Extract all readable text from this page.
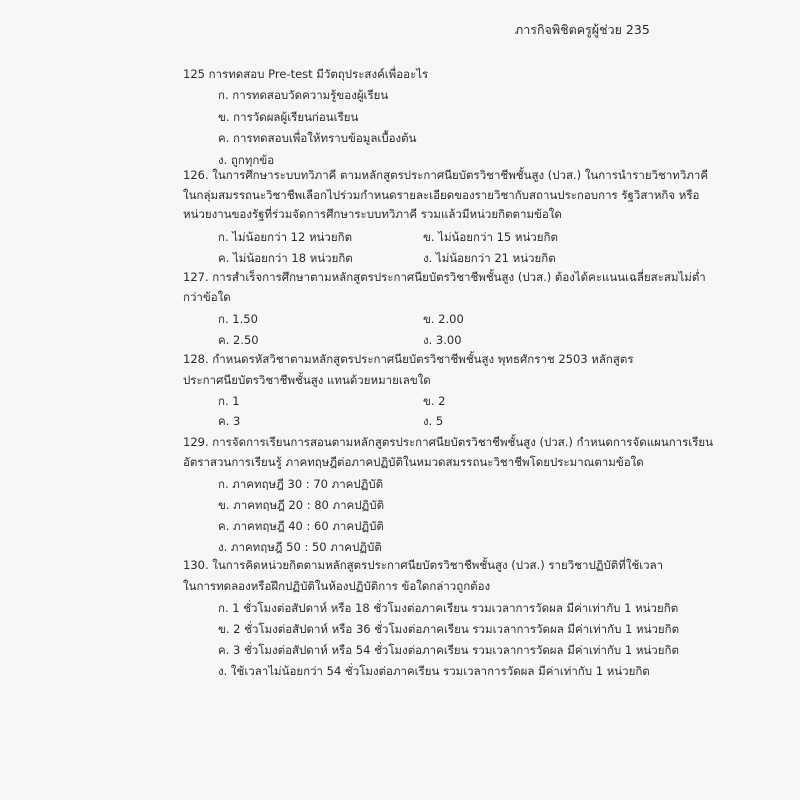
ภารกิจพิชิตครูผู้ช่วย 235
125 การทดสอบ Pre-test มีวัตถุประสงค์เพื่ออะไร
ก. การทดสอบวัดความรู้ของผู้เรียน
ข. การวัดผลผู้เรียนก่อนเรียน
ค. การทดสอบเพื่อให้ทราบข้อมูลเบื้องต้น
ง. ถูกทุกข้อ
126. ในการศึกษาระบบทวิภาคี ตามหลักสูตรประกาศนียบัตรวิชาชีพชั้นสูง (ปวส.) ในการนำรายวิชาทวิภาคี
ในกลุ่มสมรรถนะวิชาชีพเลือกไปร่วมกำหนดรายละเอียดของรายวิชากับสถานประกอบการ รัฐวิสาหกิจ หรือ
หน่วยงานของรัฐที่ร่วมจัดการศึกษาระบบทวิภาคี รวมแล้วมีหน่วยกิตตามข้อใด
ก. ไม่น้อยกว่า 12 หน่วยกิต	ข. ไม่น้อยกว่า 15 หน่วยกิต
ค. ไม่น้อยกว่า 18 หน่วยกิต	ง. ไม่น้อยกว่า 21 หน่วยกิต
127. การสำเร็จการศึกษาตามหลักสูตรประกาศนียบัตรวิชาชีพชั้นสูง (ปวส.) ต้องได้คะแนนเฉลี่ยสะสมไม่ต่ำ
กว่าข้อใด
ก. 1.50	ข. 2.00
ค. 2.50	ง. 3.00
128. กำหนดรหัสวิชาตามหลักสูตรประกาศนียบัตรวิชาชีพชั้นสูง พุทธศักราช 2503 หลักสูตร
ประกาศนียบัตรวิชาชีพชั้นสูง แทนด้วยหมายเลขใด
ก. 1	ข. 2
ค. 3	ง. 5
129. การจัดการเรียนการสอนตามหลักสูตรประกาศนียบัตรวิชาชีพชั้นสูง (ปวส.) กำหนดการจัดแผนการเรียน
อัตราสวนการเรียนรู้ ภาคทฤษฎีต่อภาคปฏิบัติในหมวดสมรรถนะวิชาชีพโดยประมาณตามข้อใด
ก. ภาคทฤษฎี 30 : 70 ภาคปฏิบัติ
ข. ภาคทฤษฎี 20 : 80 ภาคปฏิบัติ
ค. ภาคทฤษฎี 40 : 60 ภาคปฏิบัติ
ง. ภาคทฤษฎี 50 : 50 ภาคปฏิบัติ
130. ในการคิดหน่วยกิตตามหลักสูตรประกาศนียบัตรวิชาชีพชั้นสูง (ปวส.) รายวิชาปฏิบัติที่ใช้เวลา
ในการทดลองหรือฝึกปฏิบัติในห้องปฏิบัติการ ข้อใดกล่าวถูกต้อง
ก. 1 ชั่วโมงต่อสัปดาห์ หรือ 18 ชั่วโมงต่อภาคเรียน รวมเวลาการวัดผล มีค่าเท่ากับ 1 หน่วยกิต
ข. 2 ชั่วโมงต่อสัปดาห์ หรือ 36 ชั่วโมงต่อภาคเรียน รวมเวลาการวัดผล มีค่าเท่ากับ 1 หน่วยกิต
ค. 3 ชั่วโมงต่อสัปดาห์ หรือ 54 ชั่วโมงต่อภาคเรียน รวมเวลาการวัดผล มีค่าเท่ากับ 1 หน่วยกิต
ง. ใช้เวลาไม่น้อยกว่า 54 ชั่วโมงต่อภาคเรียน รวมเวลาการวัดผล มีค่าเท่ากับ 1 หน่วยกิต
